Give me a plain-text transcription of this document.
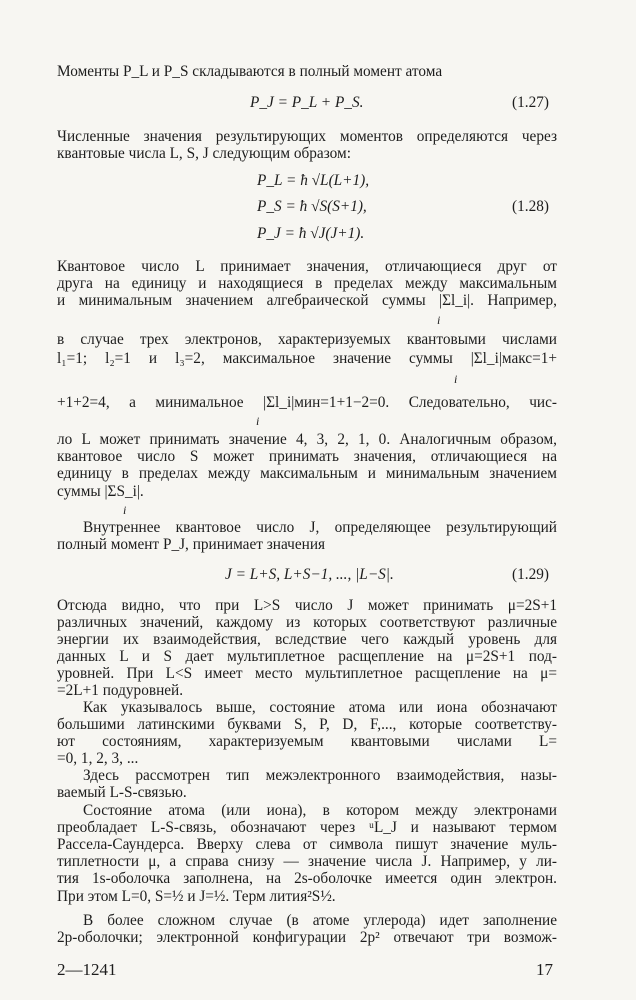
Моменты P_L и P_S складываются в полный момент атома
P_J = P_L + P_S.	(1.27)
Численные значения результирующих моментов определяются через
квантовые числа L, S, J следующим образом:
P_L = ħ √L(L+1),
P_S = ħ √S(S+1),	(1.28)
P_J = ħ √J(J+1).
Квантовое число L принимает значения, отличающиеся друг от
друга на единицу и находящиеся в пределах между максимальным
и минимальным значением алгебраической суммы |Σl_i|. Например,
i
в случае трех электронов, характеризуемых квантовыми числами
l₁=1; l₂=1 и l₃=2, максимальное значение суммы |Σl_i|макс=1+
i
+1+2=4, а минимальное |Σl_i|мин=1+1−2=0. Следовательно, чис-
i
ло L может принимать значение 4, 3, 2, 1, 0. Аналогичным образом,
квантовое число S может принимать значения, отличающиеся на
единицу в пределах между максимальным и минимальным значением
суммы |ΣS_i|.
i
Внутреннее квантовое число J, определяющее результирующий
полный момент P_J, принимает значения
J = L+S, L+S−1, ..., |L−S|.	(1.29)
Отсюда видно, что при L>S число J может принимать μ=2S+1
различных значений, каждому из которых соответствуют различные
энергии их взаимодействия, вследствие чего каждый уровень для
данных L и S дает мультиплетное расщепление на μ=2S+1 под-
уровней. При L<S имеет место мультиплетное расщепление на μ=
=2L+1 подуровней.
Как указывалось выше, состояние атома или иона обозначают
большими латинскими буквами S, P, D, F,..., которые соответству-
ют состояниям, характеризуемым квантовыми числами L=
=0, 1, 2, 3, ...
Здесь рассмотрен тип межэлектронного взаимодействия, назы-
ваемый L-S-связью.
Состояние атома (или иона), в котором между электронами
преобладает L-S-связь, обозначают через ᵘL_J и называют термом
Рассела-Саундерса. Вверху слева от символа пишут значение муль-
типлетности μ, а справа снизу — значение числа J. Например, у ли-
тия 1s-оболочка заполнена, на 2s-оболочке имеется один электрон.
При этом L=0, S=½ и J=½. Терм лития²S½.
В более сложном случае (в атоме углерода) идет заполнение
2p-оболочки; электронной конфигурации 2p² отвечают три возмож-
2—1241	17
